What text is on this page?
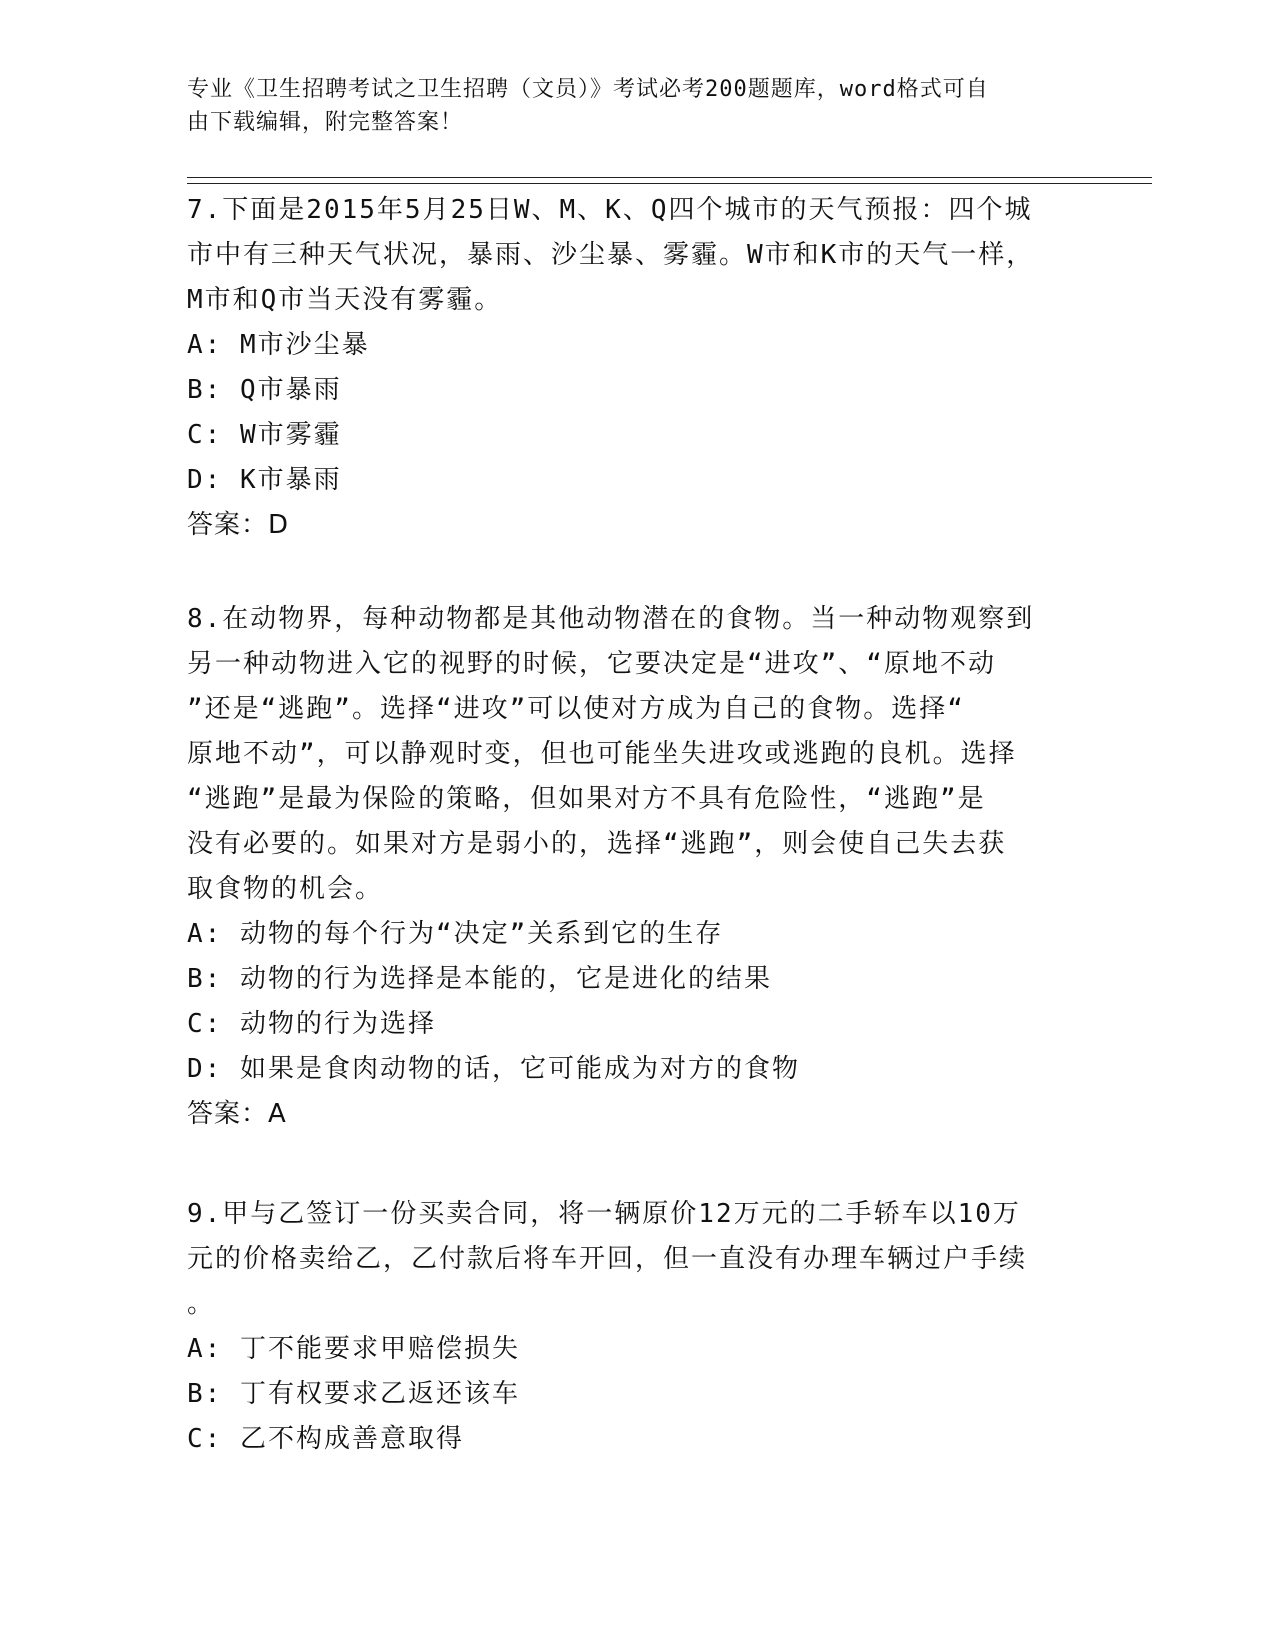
专业《卫生招聘考试之卫生招聘（文员）》考试必考200题题库，word格式可自
由下载编辑，附完整答案！

7.下面是2015年5月25日W、M、K、Q四个城市的天气预报：四个城

市中有三种天气状况，暴雨、沙尘暴、雾霾。W市和K市的天气一样，

M市和Q市当天没有雾霾。

A: M市沙尘暴

B: Q市暴雨

C: W市雾霾

D: K市暴雨

答案：D

8.在动物界，每种动物都是其他动物潜在的食物。当一种动物观察到

另一种动物进入它的视野的时候，它要决定是“进攻”、“原地不动

”还是“逃跑”。选择“进攻”可以使对方成为自己的食物。选择“

原地不动”，可以静观时变，但也可能坐失进攻或逃跑的良机。选择

“逃跑”是最为保险的策略，但如果对方不具有危险性，“逃跑”是

没有必要的。如果对方是弱小的，选择“逃跑”，则会使自己失去获

取食物的机会。

A: 动物的每个行为“决定”关系到它的生存

B: 动物的行为选择是本能的，它是进化的结果

C: 动物的行为选择

D: 如果是食肉动物的话，它可能成为对方的食物

答案：A

9.甲与乙签订一份买卖合同，将一辆原价12万元的二手轿车以10万

元的价格卖给乙，乙付款后将车开回，但一直没有办理车辆过户手续

。

A: 丁不能要求甲赔偿损失

B: 丁有权要求乙返还该车

C: 乙不构成善意取得
